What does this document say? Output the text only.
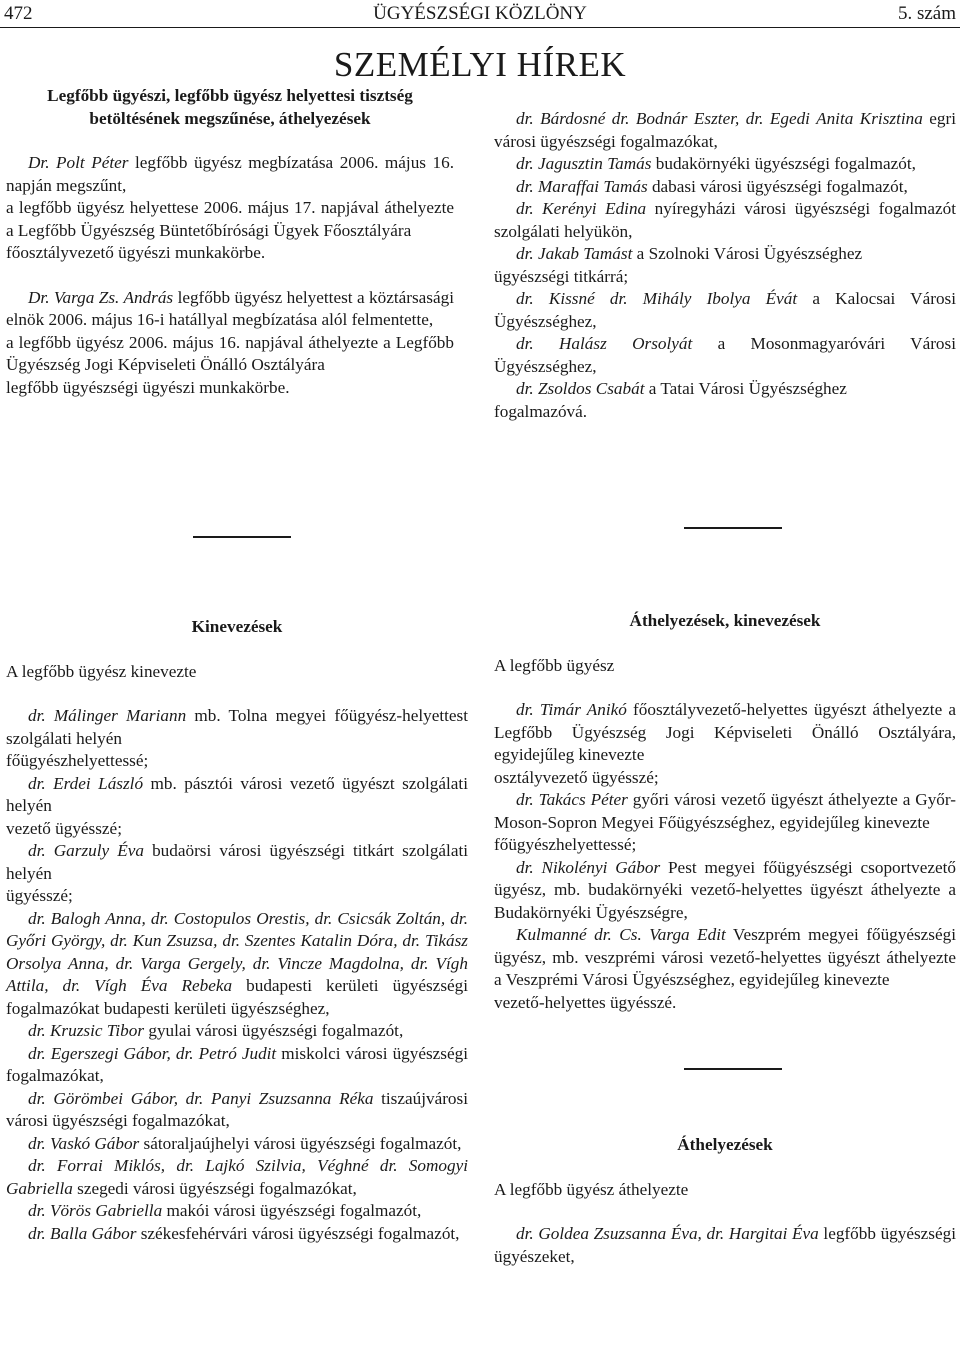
472	ÜGYÉSZSÉGI KÖZLÖNY	5. szám
SZEMÉLYI HÍREK
Legfőbb ügyészi, legfőbb ügyész helyettesi tisztség
betöltésének megszűnése, áthelyezések

Dr. Polt Péter legfőbb ügyész megbízatása 2006. május 16. napján megszűnt,

a legfőbb ügyész helyettese 2006. május 17. napjával áthelyezte a Legfőbb Ügyészség Büntetőbírósági Ügyek Főosztályára

főosztályvezető ügyészi munkakörbe.

Dr. Varga Zs. András legfőbb ügyész helyettest a köztársasági elnök 2006. május 16-i hatállyal megbízatása alól felmentette,

a legfőbb ügyész 2006. május 16. napjával áthelyezte a Legfőbb Ügyészség Jogi Képviseleti Önálló Osztályára

legfőbb ügyészségi ügyészi munkakörbe.

dr. Bárdosné dr. Bodnár Eszter, dr. Egedi Anita Krisztina egri városi ügyészségi fogalmazókat,

dr. Jagusztin Tamás budakörnyéki ügyészségi fogalmazót,

dr. Maraffai Tamás dabasi városi ügyészségi fogalmazót,

dr. Kerényi Edina nyíregyházi városi ügyészségi fogalmazót szolgálati helyükön,

dr. Jakab Tamást a Szolnoki Városi Ügyészséghez

ügyészségi titkárrá;

dr. Kissné dr. Mihály Ibolya Évát a Kalocsai Városi Ügyészséghez,

dr. Halász Orsolyát a Mosonmagyaróvári Városi Ügyészséghez,

dr. Zsoldos Csabát a Tatai Városi Ügyészséghez

fogalmazóvá.

Kinevezések
A legfőbb ügyész kinevezte

dr. Málinger Mariann mb. Tolna megyei főügyész-helyettest szolgálati helyén

főügyészhelyettessé;

dr. Erdei László mb. pásztói városi vezető ügyészt szolgálati helyén

vezető ügyésszé;

dr. Garzuly Éva budaörsi városi ügyészségi titkárt szolgálati helyén

ügyésszé;

dr. Balogh Anna, dr. Costopulos Orestis, dr. Csicsák Zoltán, dr. Győri György, dr. Kun Zsuzsa, dr. Szentes Katalin Dóra, dr. Tikász Orsolya Anna, dr. Varga Gergely, dr. Vincze Magdolna, dr. Vígh Attila, dr. Vígh Éva Rebeka budapesti kerületi ügyészségi fogalmazókat budapesti kerületi ügyészséghez,

dr. Kruzsic Tibor gyulai városi ügyészségi fogalmazót,

dr. Egerszegi Gábor, dr. Petró Judit miskolci városi ügyészségi fogalmazókat,

dr. Görömbei Gábor, dr. Panyi Zsuzsanna Réka tiszaújvárosi városi ügyészségi fogalmazókat,

dr. Vaskó Gábor sátoraljaújhelyi városi ügyészségi fogalmazót,

dr. Forrai Miklós, dr. Lajkó Szilvia, Véghné dr. Somogyi Gabriella szegedi városi ügyészségi fogalmazókat,

dr. Vörös Gabriella makói városi ügyészségi fogalmazót,

dr. Balla Gábor székesfehérvári városi ügyészségi fogalmazót,

Áthelyezések, kinevezések
A legfőbb ügyész

dr. Timár Anikó főosztályvezető-helyettes ügyészt áthelyezte a Legfőbb Ügyészség Jogi Képviseleti Önálló Osztályára, egyidejűleg kinevezte

osztályvezető ügyésszé;

dr. Takács Péter győri városi vezető ügyészt áthelyezte a Győr-Moson-Sopron Megyei Főügyészséghez, egyidejűleg kinevezte

főügyészhelyettessé;

dr. Nikolényi Gábor Pest megyei főügyészségi csoportvezető ügyész, mb. budakörnyéki vezető-helyettes ügyészt áthelyezte a Budakörnyéki Ügyészségre,

Kulmanné dr. Cs. Varga Edit Veszprém megyei főügyészségi ügyész, mb. veszprémi városi vezető-helyettes ügyészt áthelyezte a Veszprémi Városi Ügyészséghez, egyidejűleg kinevezte

vezető-helyettes ügyésszé.

Áthelyezések
A legfőbb ügyész áthelyezte

dr. Goldea Zsuzsanna Éva, dr. Hargitai Éva legfőbb ügyészségi ügyészeket,
